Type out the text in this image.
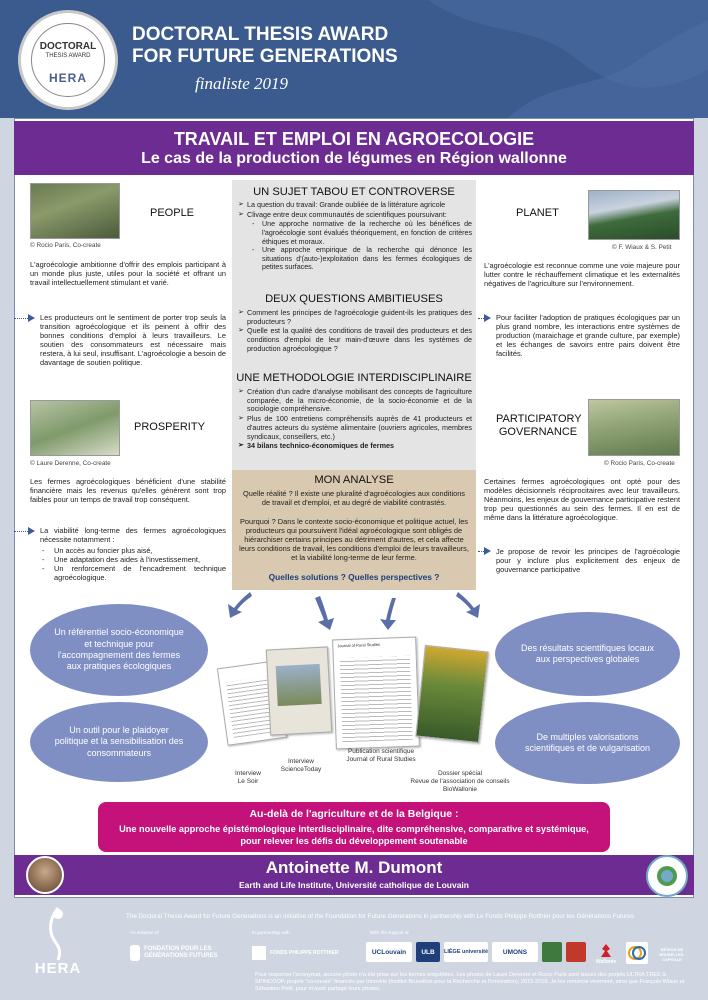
DOCTORAL
THESIS AWARD
HERA
DOCTORAL THESIS AWARD
FOR FUTURE GENERATIONS
finaliste 2019
TRAVAIL ET EMPLOI EN AGROECOLOGIE
Le cas de la production de légumes en Région wallonne
PEOPLE
© Rocio Paris, Co-create
L'agroécologie ambitionne d'offrir des emplois participant à un monde plus juste, utiles pour la société et offrant un travail intellectuellement stimulant et varié.
Les producteurs ont le sentiment de porter trop seuls la transition agroécologique et ils peinent à offrir des bonnes conditions d'emploi à leurs travailleurs. Le soutien des consommateurs est nécessaire mais restera, à lui seul, insuffisant. L'agroécologie a besoin de davantage de soutien politique.
PLANET
© F. Wiaux & S. Petit
L'agroécologie est reconnue comme une voie majeure pour lutter contre le réchauffement climatique et les externalités négatives de l'agriculture sur l'environnement.
Pour faciliter l'adoption de pratiques écologiques par un plus grand nombre, les interactions entre systèmes de production (maraichage et grande culture, par exemple) et les échanges de savoirs entre pairs doivent être facilités.
PROSPERITY
© Laure Derenne, Co-create
Les fermes agroécologiques bénéficient d'une stabilité financière mais les revenus qu'elles génèrent sont trop faibles pour un temps de travail trop conséquent.
La viabilité long-terme des fermes agroécologiques nécessite notamment :
- Un accès au foncier plus aisé,
- Une adaptation des aides à l'investissement,
- Un renforcement de l'encadrement technique agroécologique.
PARTICIPATORY
GOVERNANCE
© Rocio Paris, Co-create
Certaines fermes agroécologiques ont opté pour des modèles décisionnels réciprocitaires avec leur travailleurs. Néanmoins, les enjeux de gouvernance participative restent trop peu questionnés au sein des fermes. Il en est de même dans la littérature agroécologique.
Je propose de revoir les principes de l'agroécologie pour y inclure plus explicitement des enjeux de gouvernance participative
UN SUJET TABOU ET CONTROVERSE
➢ La question du travail: Grande oubliée de la littérature agricole
➢ Clivage entre deux communautés de scientifiques poursuivant:
- Une approche normative de la recherche où les bénéfices de l'agroécologie sont évalués théoriquement, en fonction de critères éthiques et moraux.
- Une approche empirique de la recherche qui dénonce les situations d'(auto-)exploitation dans les fermes écologiques de petites surfaces.
DEUX QUESTIONS AMBITIEUSES
➢ Comment les principes de l'agroécologie guident-ils les pratiques des producteurs ?
➢ Quelle est la qualité des conditions de travail des producteurs et des conditions d'emploi de leur main-d'œuvre dans les systèmes de production agroécologique ?
UNE METHODOLOGIE INTERDISCIPLINAIRE
➢ Création d'un cadre d'analyse mobilisant des concepts de l'agriculture comparée, de la micro-économie, de la socio-économie et de la sociologie compréhensive.
➢ Plus de 100 entretiens compréhensifs auprès de 41 producteurs et d'autres acteurs du système alimentaire (ouvriers agricoles, membres syndicaux, conseillers, etc.)
➢ 34 bilans technico-économiques de fermes
MON ANALYSE
Quelle réalité ? Il existe une pluralité d'agroécologies aux conditions de travail et d'emploi, et au degré de viabilité contrastés.
Pourquoi ? Dans le contexte socio-économique et politique actuel, les producteurs qui poursuivent l'idéal agroécologique sont obligés de hiérarchiser certains principes au détriment d'autres, et cela affecte leurs conditions de travail, les conditions d'emploi de leurs travailleurs, et la viabilité long-terme de leur ferme.
Quelles solutions ? Quelles perspectives ?
Un référentiel socio-économique et technique pour l'accompagnement des fermes aux pratiques écologiques
Un outil pour le plaidoyer politique et la sensibilisation des consommateurs
Des résultats scientifiques locaux aux perspectives globales
De multiples valorisations scientifiques et de vulgarisation
Journal of Rural Studies
Interview
Le Soir
Interview
ScienceToday
Publication scientifique
Journal of Rural Studies
Dossier spécial
Revue de l'association de conseils BioWallonie
Au-delà de l'agriculture et de la Belgique :
Une nouvelle approche épistémologique interdisciplinaire, dite compréhensive, comparative et systémique,
pour relever les défis du développement soutenable
Antoinette M. Dumont
Earth and Life Institute, Université catholique de Louvain
HERA
The Doctoral Thesis Award for Future Generations is an initiative of the Foundation for Future Generations in partnership with Le Fonds Philippe Rotthier pour les Générations Futures
An initiative of	In partnership with	With the support of
FONDATION POUR LES GÉNÉRATIONS FUTURES
FONDS PHILIPPE ROTTHIER	UCLouvain	ULB	LIÈGE université	UMONS
Wallonie
RÉGION DE BRUXELLES-CAPITALE
Pour respecter l'anonymat, aucune photo n'a été prise sur les fermes enquêtées. Les photos de Laure Derenne et Rocio Paris sont issues des projets ULTRA TREE & SPINCOOP, projets "co-create" financés par Innoviris (Institut Bruxellois pour la Recherche et l'Innovation), 2015-2019. Je les remercie vivement, ainsi que François Wiaux et Sébastien Petit, pour m'avoir partagé leurs photos.
